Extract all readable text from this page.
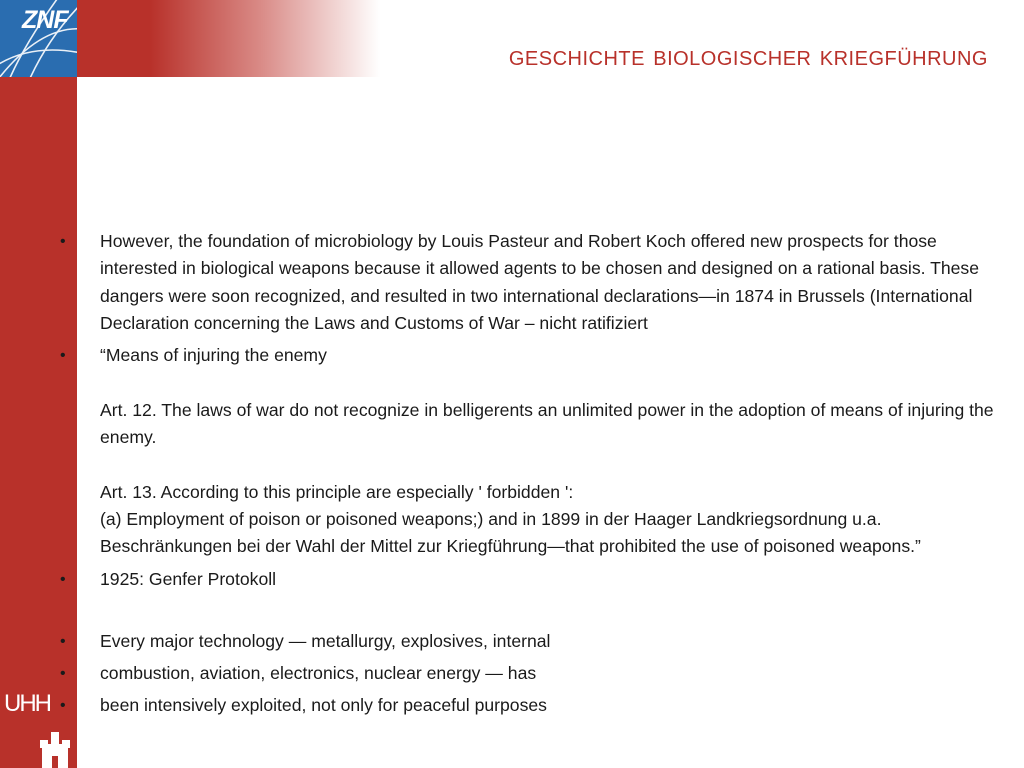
ZNF
geschichte biologischer kriegführung
•	However, the foundation of microbiology by Louis Pasteur and Robert Koch offered new prospects for those interested in biological weapons because it allowed agents to be chosen and designed on a rational basis. These dangers were soon recognized, and resulted in two international declarations—in 1874 in Brussels (International Declaration concerning the Laws and Customs of War – nicht ratifiziert
•	“Means of injuring the enemy

Art. 12. The laws of war do not recognize in belligerents an unlimited power in the adoption of means of injuring the enemy.

Art. 13. According to this principle are especially ' forbidden ':
(a) Employment of poison or poisoned weapons;) and in 1899 in der Haager Landkriegsordnung u.a. Beschränkungen bei der Wahl der Mittel zur Kriegführung—that prohibited the use of poisoned weapons.”
•	1925: Genfer Protokoll
•	Every major technology — metallurgy, explosives, internal
•	combustion, aviation, electronics, nuclear energy — has
•	been intensively exploited, not only for peaceful purposes
UHH
